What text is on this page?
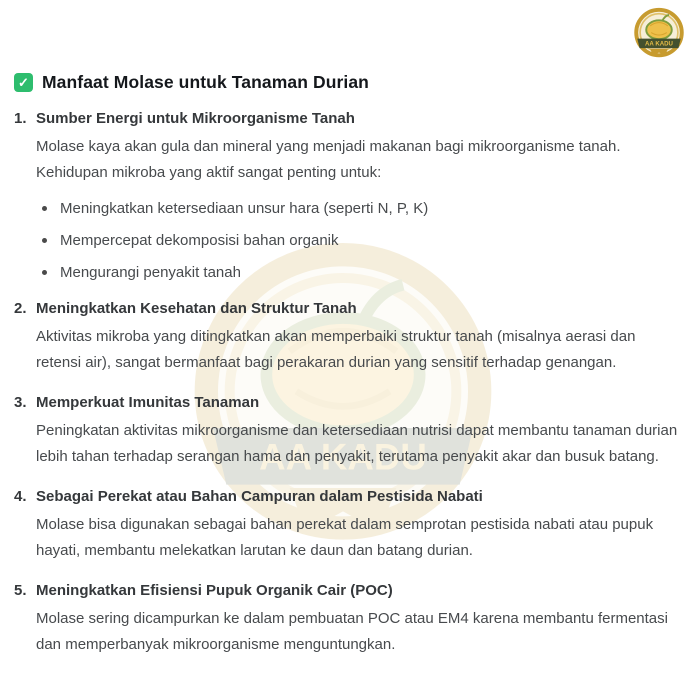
✓ Manfaat Molase untuk Tanaman Durian
1. Sumber Energi untuk Mikroorganisme Tanah

Molase kaya akan gula dan mineral yang menjadi makanan bagi mikroorganisme tanah. Kehidupan mikroba yang aktif sangat penting untuk:

Meningkatkan ketersediaan unsur hara (seperti N, P, K)
Mempercepat dekomposisi bahan organik
Mengurangi penyakit tanah
2. Meningkatkan Kesehatan dan Struktur Tanah

Aktivitas mikroba yang ditingkatkan akan memperbaiki struktur tanah (misalnya aerasi dan retensi air), sangat bermanfaat bagi perakaran durian yang sensitif terhadap genangan.

3. Memperkuat Imunitas Tanaman

Peningkatan aktivitas mikroorganisme dan ketersediaan nutrisi dapat membantu tanaman durian lebih tahan terhadap serangan hama dan penyakit, terutama penyakit akar dan busuk batang.

4. Sebagai Perekat atau Bahan Campuran dalam Pestisida Nabati

Molase bisa digunakan sebagai bahan perekat dalam semprotan pestisida nabati atau pupuk hayati, membantu melekatkan larutan ke daun dan batang durian.

5. Meningkatkan Efisiensi Pupuk Organik Cair (POC)

Molase sering dicampurkan ke dalam pembuatan POC atau EM4 karena membantu fermentasi dan memperbanyak mikroorganisme menguntungkan.
